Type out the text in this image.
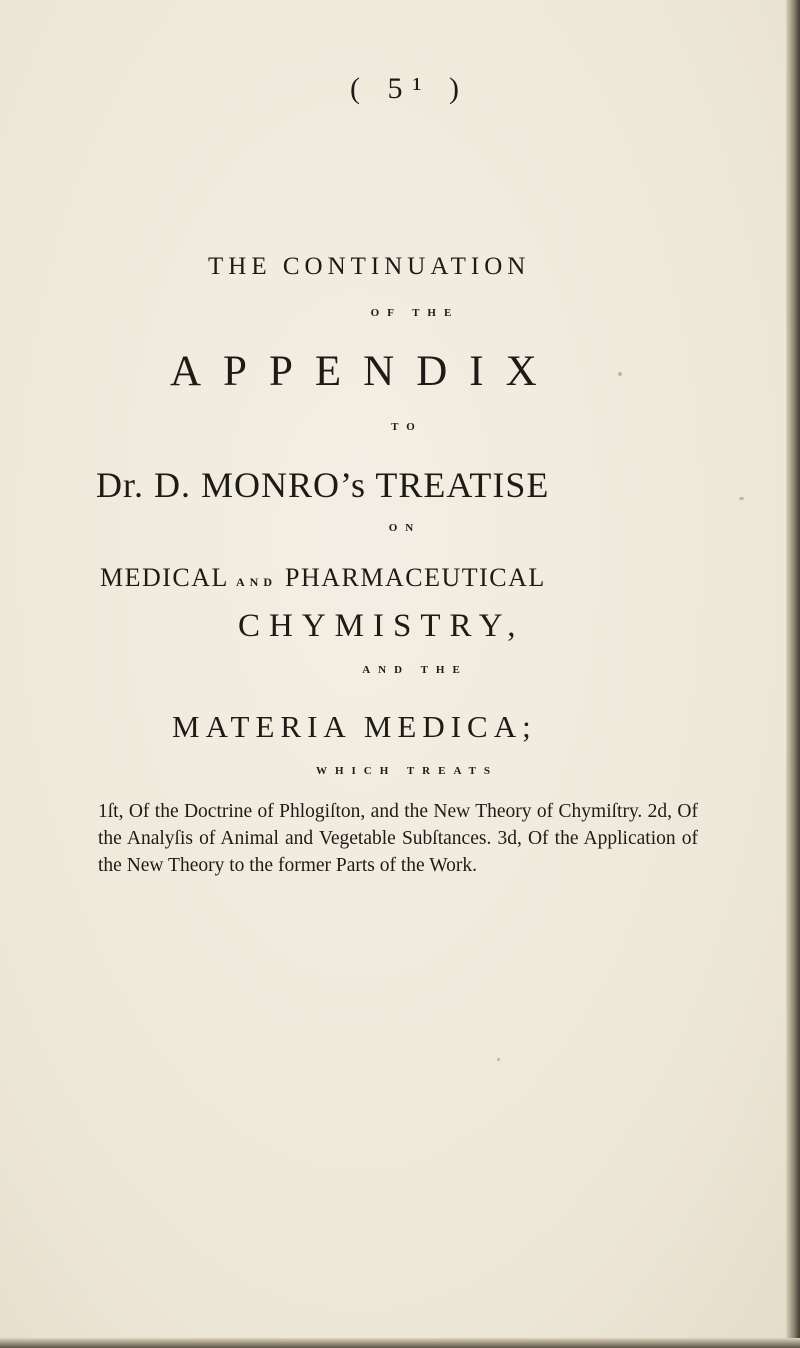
( 5¹ )
THE CONTINUATION
OF THE
APPENDIX
TO
Dr. D. MONRO’s TREATISE
ON
MEDICAL AND PHARMACEUTICAL
CHYMISTRY,
AND THE
MATERIA MEDICA;
WHICH TREATS
1ſt, Of the Doctrine of Phlogiſton, and the New Theory of Chymiſtry. 2d, Of the Analyſis of Animal and Vegetable Subſtances. 3d, Of the Application of the New Theory to the former Parts of the Work.
